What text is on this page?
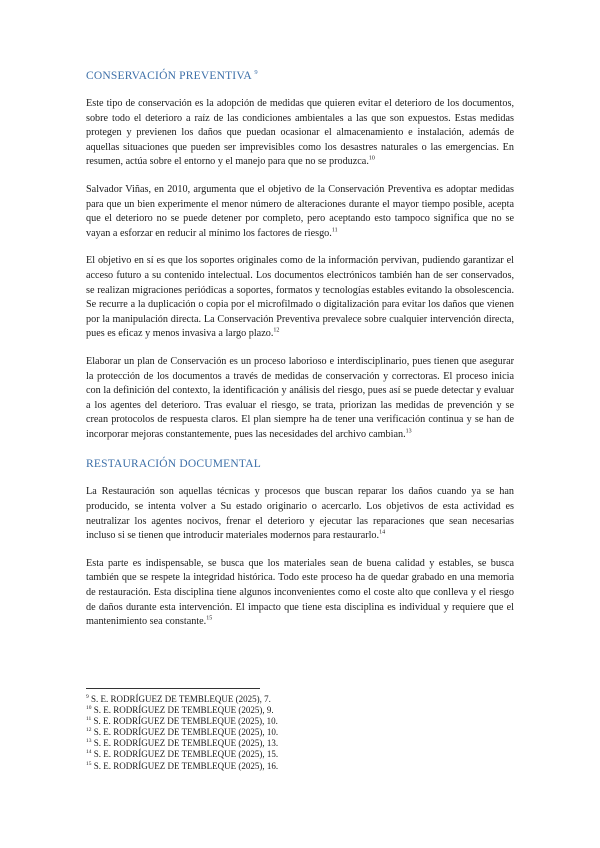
CONSERVACIÓN PREVENTIVA $^9$

Este tipo de conservación es la adopción de medidas que quieren evitar el deterioro de los documentos, sobre todo el deterioro a raíz de las condiciones ambientales a las que son expuestos. Estas medidas protegen y previenen los daños que puedan ocasionar el almacenamiento e instalación, además de aquellas situaciones que pueden ser imprevisibles como los desastres naturales o las emergencias. En resumen, actúa sobre el entorno y el manejo para que no se produzca.$^{10}$

Salvador Viñas, en 2010, argumenta que el objetivo de la Conservación Preventiva es adoptar medidas para que un bien experimente el menor número de alteraciones durante el mayor tiempo posible, acepta que el deterioro no se puede detener por completo, pero aceptando esto tampoco significa que no se vayan a esforzar en reducir al mínimo los factores de riesgo.$^{11}$

El objetivo en sí es que los soportes originales como de la información pervivan, pudiendo garantizar el acceso futuro a su contenido intelectual. Los documentos electrónicos también han de ser conservados, se realizan migraciones periódicas a soportes, formatos y tecnologías estables evitando la obsolescencia. Se recurre a la duplicación o copia por el microfilmado o digitalización para evitar los daños que vienen por la manipulación directa. La Conservación Preventiva prevalece sobre cualquier intervención directa, pues es eficaz y menos invasiva a largo plazo.$^{12}$

Elaborar un plan de Conservación es un proceso laborioso e interdisciplinario, pues tienen que asegurar la protección de los documentos a través de medidas de conservación y correctoras. El proceso inicia con la definición del contexto, la identificación y análisis del riesgo, pues así se puede detectar y evaluar a los agentes del deterioro. Tras evaluar el riesgo, se trata, priorizan las medidas de prevención y se crean protocolos de respuesta claros. El plan siempre ha de tener una verificación continua y se han de incorporar mejoras constantemente, pues las necesidades del archivo cambian.$^{13}$

RESTAURACIÓN DOCUMENTAL

La Restauración son aquellas técnicas y procesos que buscan reparar los daños cuando ya se han producido, se intenta volver a Su estado originario o acercarlo. Los objetivos de esta actividad es neutralizar los agentes nocivos, frenar el deterioro y ejecutar las reparaciones que sean necesarias incluso si se tienen que introducir materiales modernos para restaurarlo.$^{14}$

Esta parte es indispensable, se busca que los materiales sean de buena calidad y estables, se busca también que se respete la integridad histórica. Todo este proceso ha de quedar grabado en una memoria de restauración. Esta disciplina tiene algunos inconvenientes como el coste alto que conlleva y el riesgo de daños durante esta intervención. El impacto que tiene esta disciplina es individual y requiere que el mantenimiento sea constante.$^{15}$

$^9$ S. E. RODRÍGUEZ DE TEMBLEQUE (2025), 7.
$^{10}$ S. E. RODRÍGUEZ DE TEMBLEQUE (2025), 9.
$^{11}$ S. E. RODRÍGUEZ DE TEMBLEQUE (2025), 10.
$^{12}$ S. E. RODRÍGUEZ DE TEMBLEQUE (2025), 10.
$^{13}$ S. E. RODRÍGUEZ DE TEMBLEQUE (2025), 13.
$^{14}$ S. E. RODRÍGUEZ DE TEMBLEQUE (2025), 15.
$^{15}$ S. E. RODRÍGUEZ DE TEMBLEQUE (2025), 16.
